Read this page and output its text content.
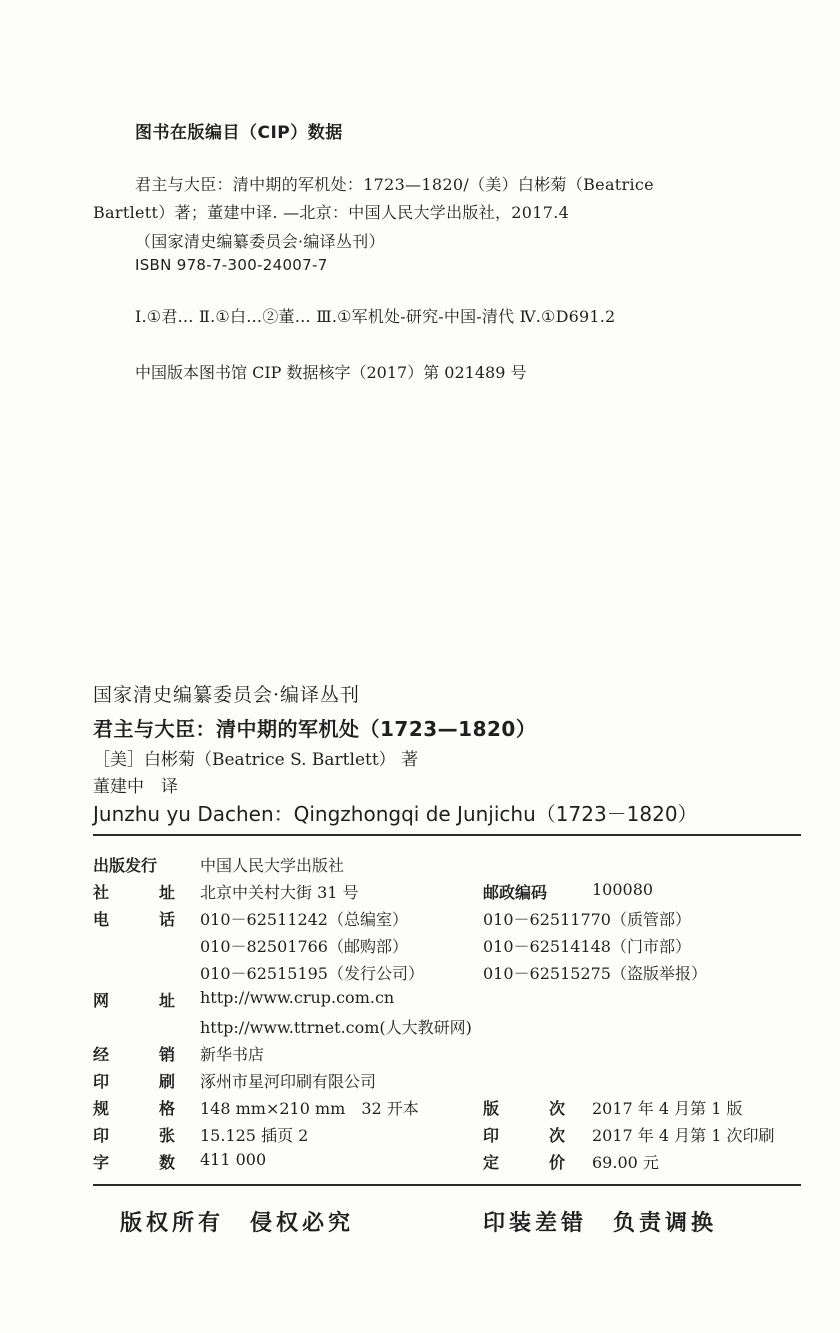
图书在版编目（CIP）数据
君主与大臣：清中期的军机处：1723—1820/（美）白彬菊（Beatrice
Bartlett）著；董建中译. —北京：中国人民大学出版社，2017.4
（国家清史编纂委员会·编译丛刊）
ISBN 978-7-300-24007-7
Ⅰ.①君… Ⅱ.①白…②董… Ⅲ.①军机处-研究-中国-清代 Ⅳ.①D691.2
中国版本图书馆 CIP 数据核字（2017）第 021489 号
国家清史编纂委员会·编译丛刊
君主与大臣：清中期的军机处（1723—1820）
［美］白彬菊（Beatrice S. Bartlett） 著
董建中　译
Junzhu yu Dachen：Qingzhongqi de Junjichu（1723－1820）
出版发行	中国人民大学出版社
社	址 北京中关村大街 31 号	邮政编码	100080
电	话 010－62511242（总编室）	010－62511770（质管部）
010－82501766（邮购部）	010－62514148（门市部）
010－62515195（发行公司）	010－62515275（盗版举报）
网	址 http://www.crup.com.cn
http://www.ttrnet.com(人大教研网)
经	销 新华书店
印	刷 涿州市星河印刷有限公司
规	格 148 mm×210 mm　32 开本	版	次 2017 年 4 月第 1 版
印	张 15.125 插页 2	印	次 2017 年 4 月第 1 次印刷
字	数 411 000	定	价 69.00 元
版权所有　侵权必究	印装差错　负责调换
